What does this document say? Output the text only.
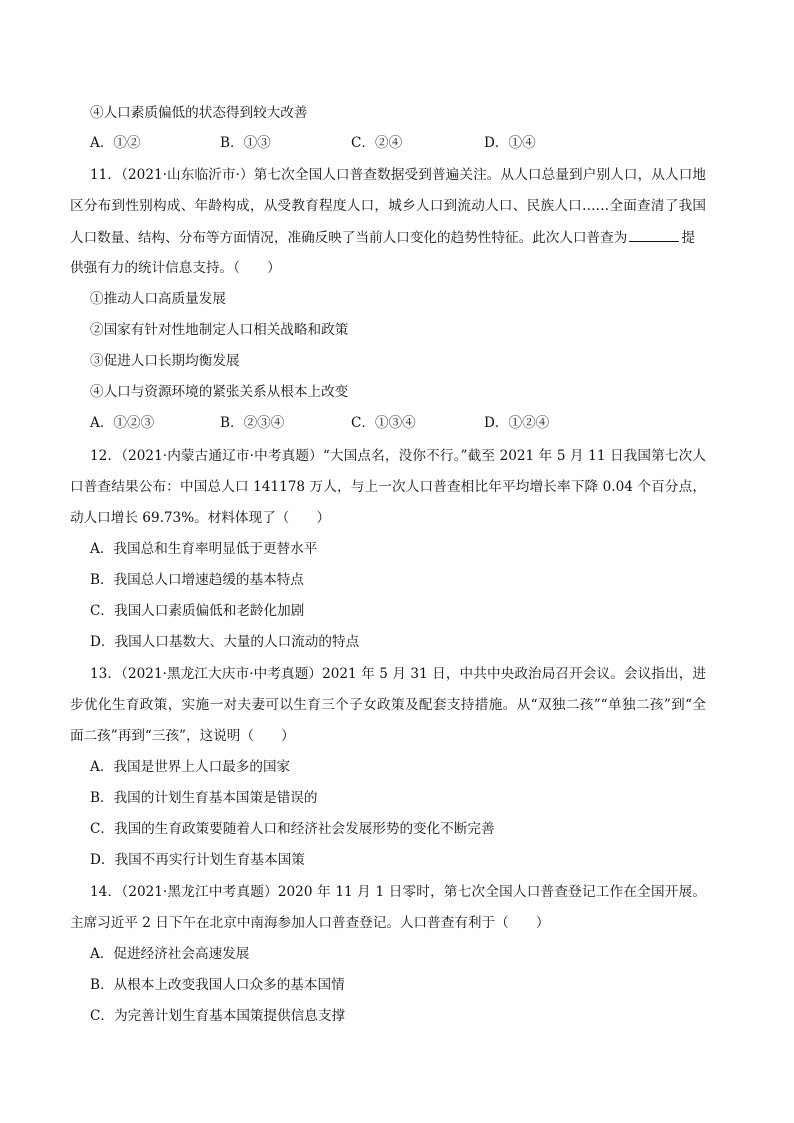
④人口素质偏低的状态得到较大改善
A．①②	B．①③	C．②④	D．①④
11．（2021·山东临沂市·）第七次全国人口普查数据受到普遍关注。从人口总量到户别人口，从人口地
区分布到性别构成、年龄构成，从受教育程度人口，城乡人口到流动人口、民族人口……全面查清了我国
人口数量、结构、分布等方面情况，准确反映了当前人口变化的趋势性特征。此次人口普查为	提
供强有力的统计信息支持。（　　）
①推动人口高质量发展
②国家有针对性地制定人口相关战略和政策
③促进人口长期均衡发展
④人口与资源环境的紧张关系从根本上改变
A．①②③	B．②③④	C．①③④	D．①②④
12．（2021·内蒙古通辽市·中考真题）“大国点名，没你不行。”截至 2021 年 5 月 11 日我国第七次人
口普查结果公布：中国总人口 141178 万人，与上一次人口普查相比年平均增长率下降 0.04 个百分点，
动人口增长 69.73%。材料体现了（　　）
A．我国总和生育率明显低于更替水平
B．我国总人口增速趋缓的基本特点
C．我国人口素质偏低和老龄化加剧
D．我国人口基数大、大量的人口流动的特点
13．（2021·黑龙江大庆市·中考真题）2021 年 5 月 31 日，中共中央政治局召开会议。会议指出，进
步优化生育政策，实施一对夫妻可以生育三个子女政策及配套支持措施。从“双独二孩”“单独二孩”到“全
面二孩”再到“三孩”，这说明（　　）
A．我国是世界上人口最多的国家
B．我国的计划生育基本国策是错误的
C．我国的生育政策要随着人口和经济社会发展形势的变化不断完善
D．我国不再实行计划生育基本国策
14．（2021·黑龙江中考真题）2020 年 11 月 1 日零时，第七次全国人口普查登记工作在全国开展。
主席习近平 2 日下午在北京中南海参加人口普查登记。人口普查有利于（　　）
A．促进经济社会高速发展
B．从根本上改变我国人口众多的基本国情
C．为完善计划生育基本国策提供信息支撑
